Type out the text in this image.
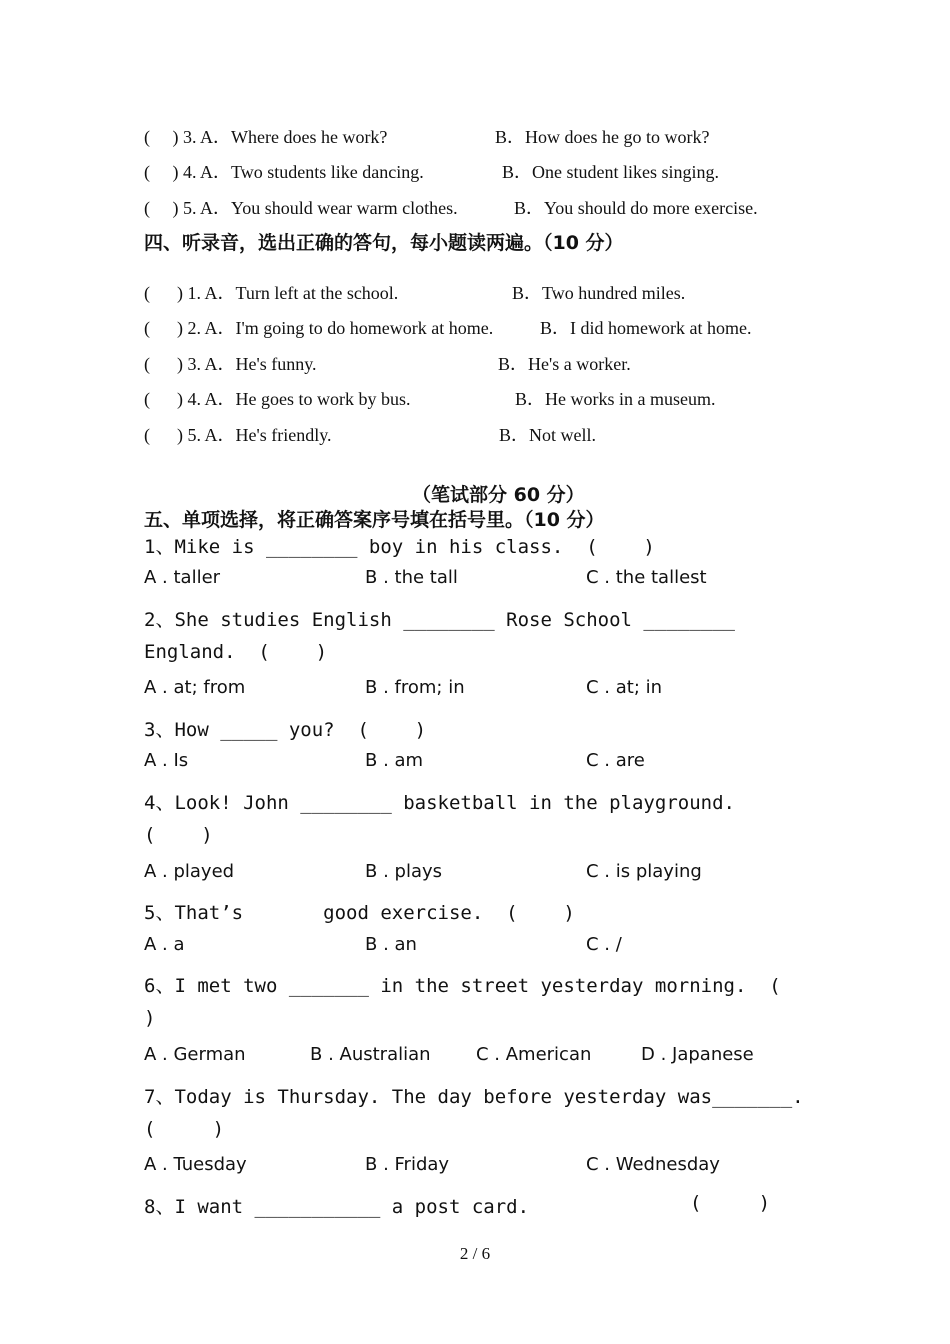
(     ) 3. A．Where does he work?	B．How does he go to work?
(     ) 4. A．Two students like dancing.	B．One student likes singing.
(     ) 5. A．You should wear warm clothes.	B．You should do more exercise.
四、听录音，选出正确的答句，每小题读两遍。（10 分）
(      ) 1. A．Turn left at the school.	B．Two hundred miles.
(      ) 2. A．I'm going to do homework at home.	B．I did homework at home.
(      ) 3. A．He's funny.	B．He's a worker.
(      ) 4. A．He goes to work by bus.	B．He works in a museum.
(      ) 5. A．He's friendly.	B．Not well.
（笔试部分 60 分）
五、单项选择，将正确答案序号填在括号里。（10 分）
1、Mike is ________ boy in his class.  (    )
A . taller	B . the tall	C . the tallest
2、She studies English ________ Rose School ________
England.  (    )
A . at; from	B . from; in	C . at; in
3、How _____ you?  (    )
A . Is	B . am	C . are
4、Look! John ________ basketball in the playground.
(    )
A . played	B . plays	C . is playing
5、That’s       good exercise.  (    )
A . a	B . an	C . /
6、I met two _______ in the street yesterday morning.  (
)
A . German	B . Australian	C . American	D . Japanese
7、Today is Thursday. The day before yesterday was_______.
(     )
A . Tuesday	B . Friday	C . Wednesday
8、I want ___________ a post card.	(     )
2 / 6
